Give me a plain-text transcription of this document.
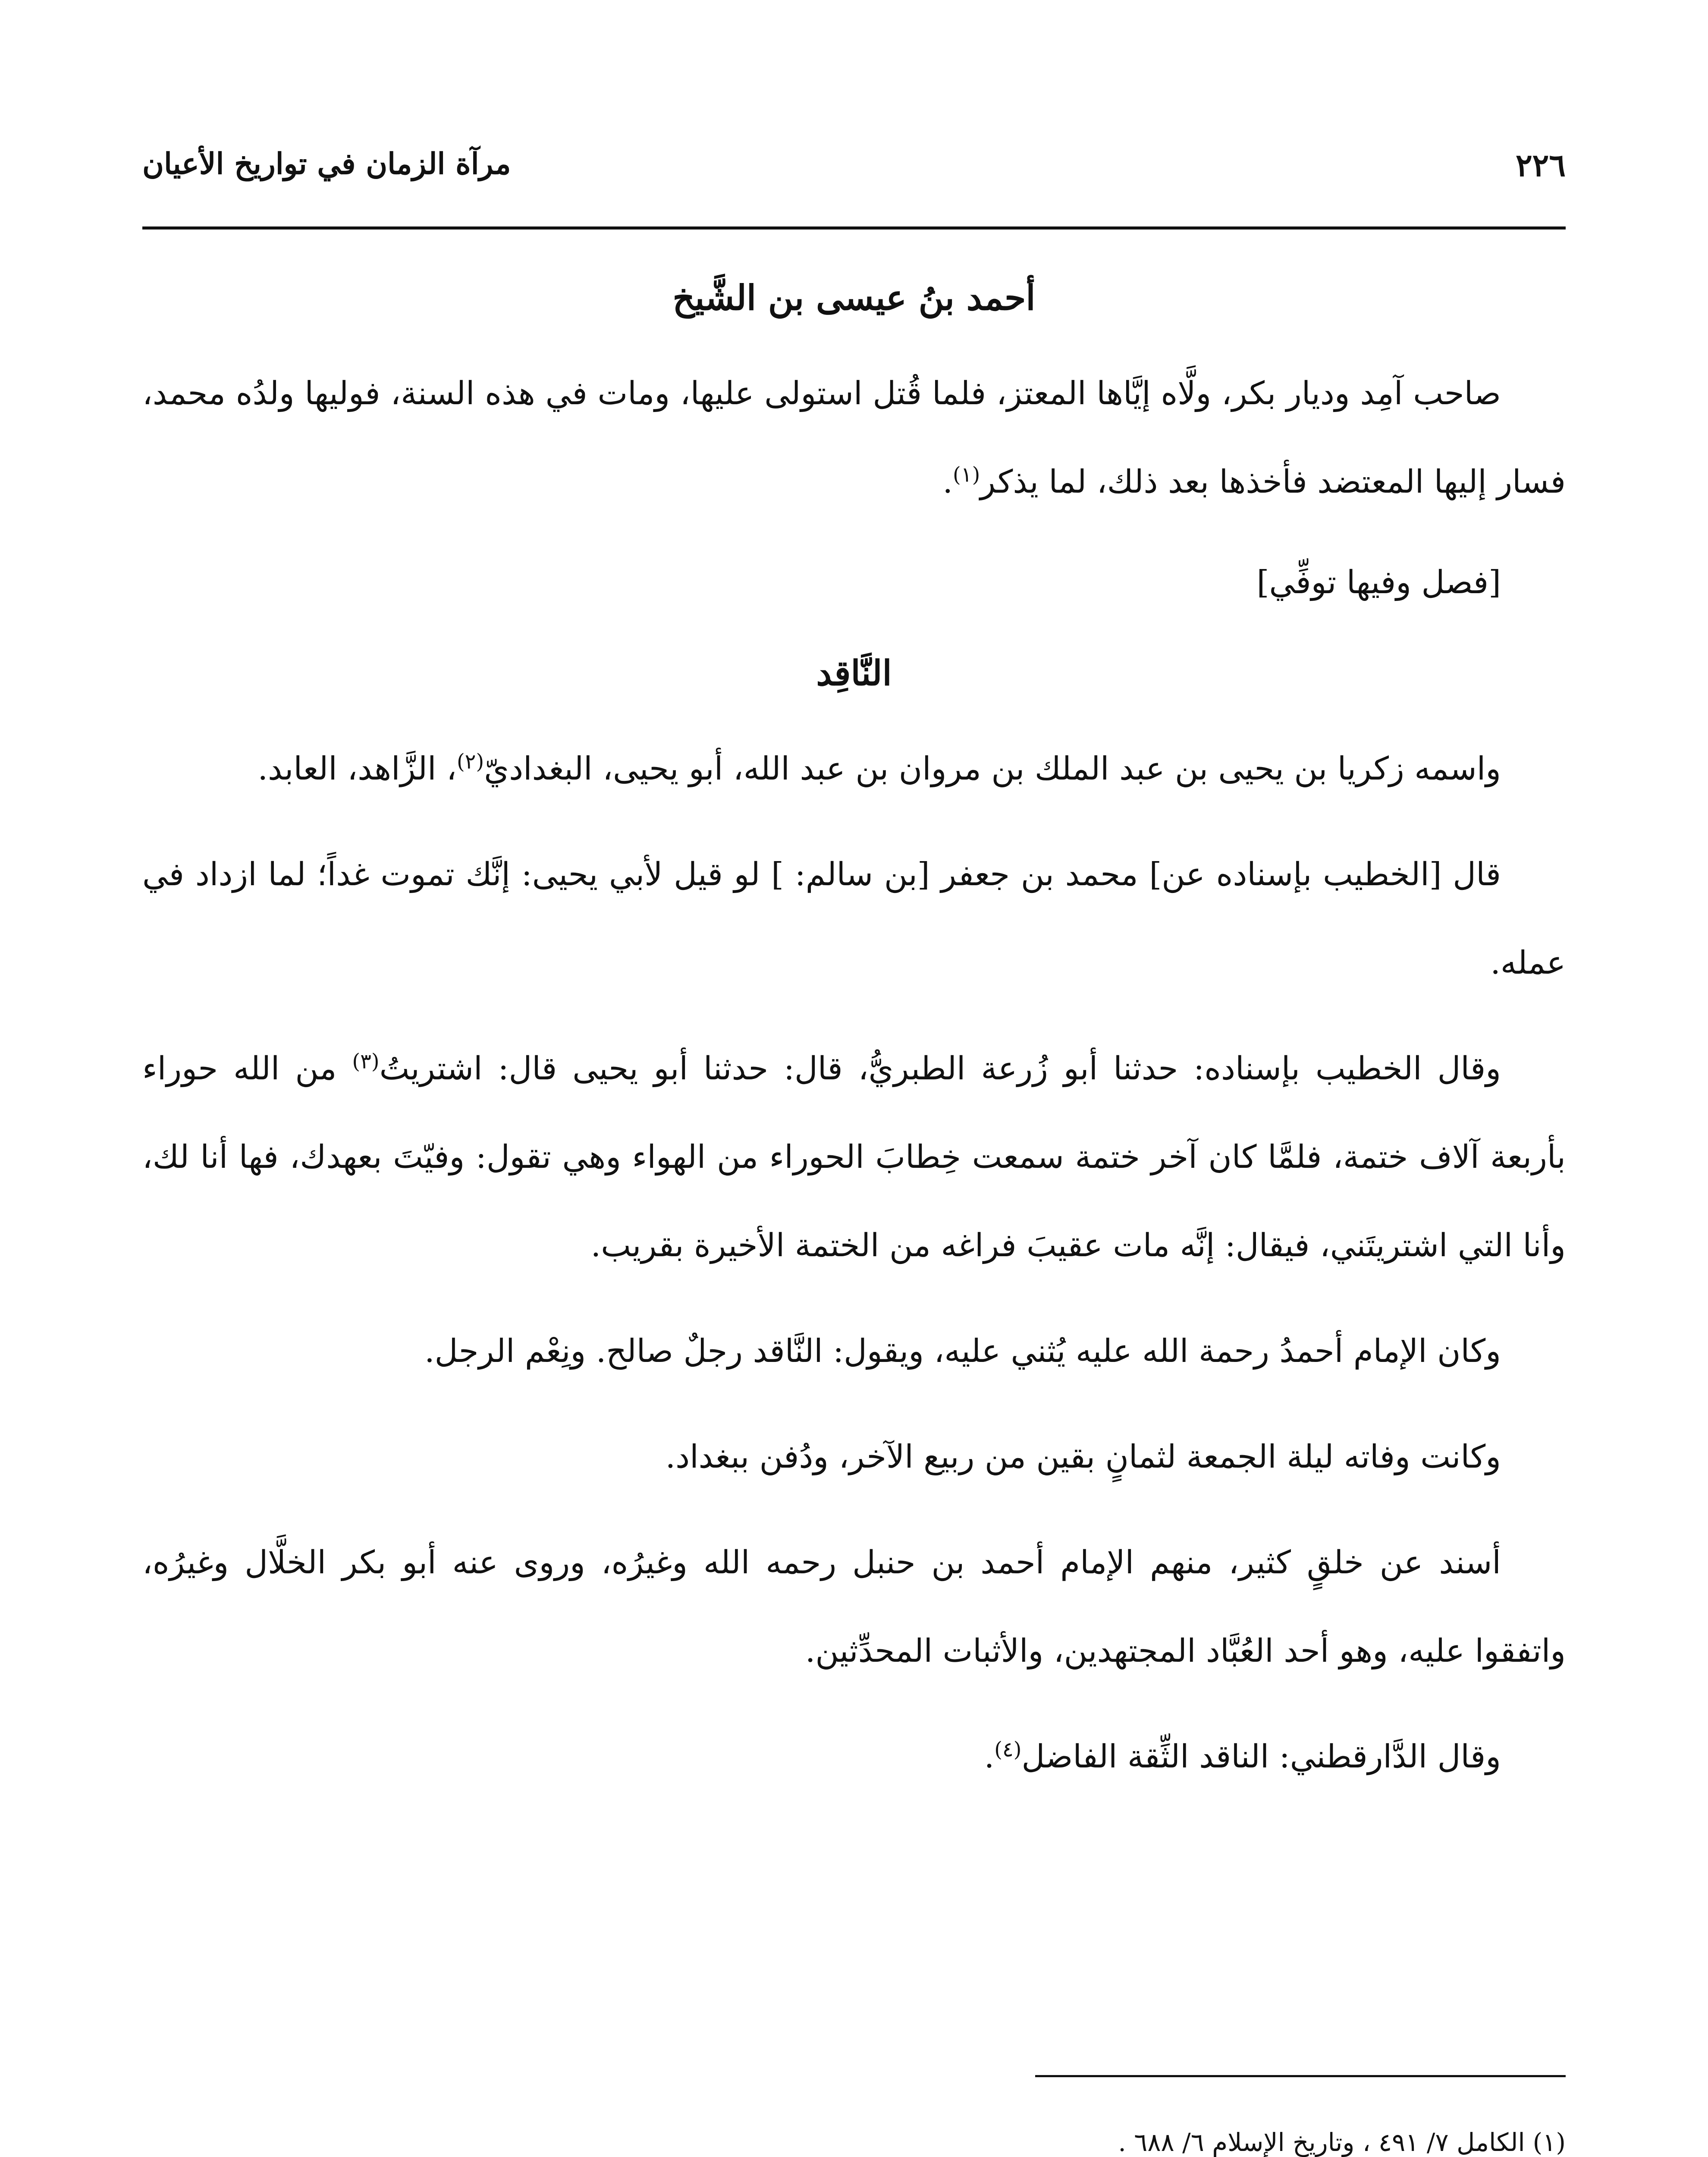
٢٢٦
مرآة الزمان في تواريخ الأعيان
أحمد بنُ عيسى بن الشَّيخ

صاحب آمِد وديار بكر، ولَّاه إيَّاها المعتز، فلما قُتل استولى عليها، ومات في هذه السنة، فوليها ولدُه محمد، فسار إليها المعتضد فأخذها بعد ذلك، لما يذكر$^{(١)}$.

[فصل وفيها توفِّي]

النَّاقِد

واسمه زكريا بن يحيى بن عبد الملك بن مروان بن عبد الله، أبو يحيى، البغداديّ$^{(٢)}$، الزَّاهد، العابد.

قال [الخطيب بإسناده عن] محمد بن جعفر [بن سالم: ] لو قيل لأبي يحيى: إنَّك تموت غداً؛ لما ازداد في عمله.

وقال الخطيب بإسناده: حدثنا أبو زُرعة الطبريُّ، قال: حدثنا أبو يحيى قال: اشتريتُ$^{(٣)}$ من الله حوراء بأربعة آلاف ختمة، فلمَّا كان آخر ختمة سمعت خِطابَ الحوراء من الهواء وهي تقول: وفيّتَ بعهدك، فها أنا لك، وأنا التي اشتريتَني، فيقال: إنَّه مات عقيبَ فراغه من الختمة الأخيرة بقريب.

وكان الإمام أحمدُ رحمة الله عليه يُثني عليه، ويقول: النَّاقد رجلٌ صالح. ونِعْم الرجل.

وكانت وفاته ليلة الجمعة لثمانٍ بقين من ربيع الآخر، ودُفن ببغداد.

أسند عن خلقٍ كثير، منهم الإمام أحمد بن حنبل رحمه الله وغيرُه، وروى عنه أبو بكر الخلَّال وغيرُه، واتفقوا عليه، وهو أحد العُبَّاد المجتهدين، والأثبات المحدِّثين.

وقال الدَّارقطني: الناقد الثِّقة الفاضل$^{(٤)}$.

(١)الكامل ٧/ ٤٩١ ، وتاريخ الإسلام ٦/ ٦٨٨ .
